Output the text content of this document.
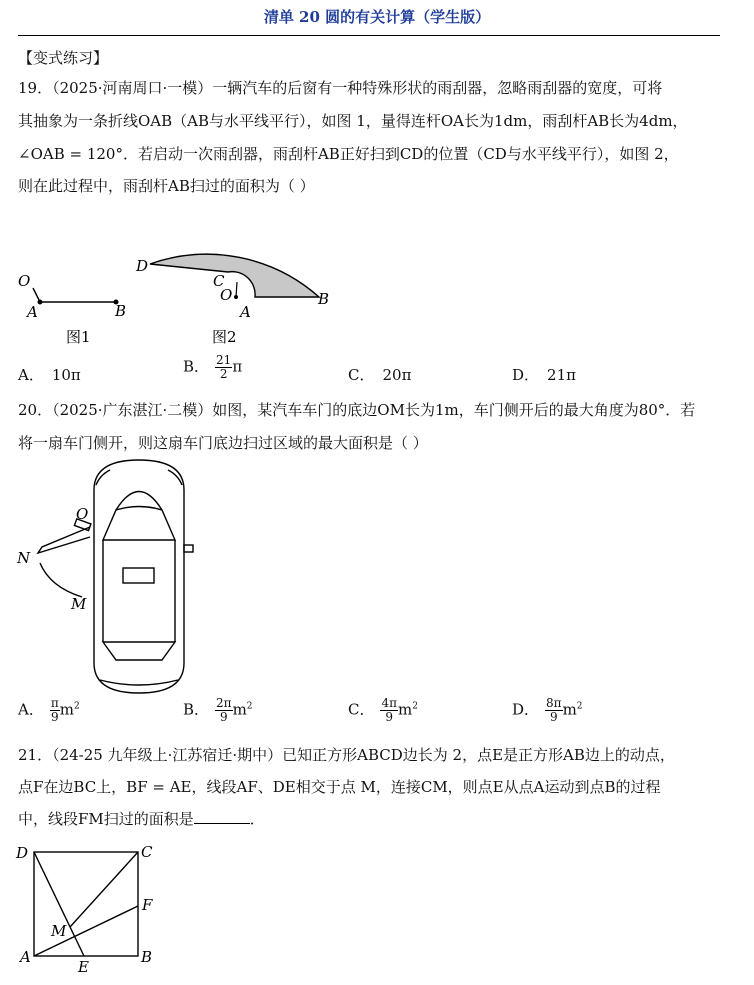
清单 20 圆的有关计算（学生版）
【变式练习】
19．（2025·河南周口·一模）一辆汽车的后窗有一种特殊形状的雨刮器，忽略雨刮器的宽度，可将
其抽象为一条折线OAB（AB与水平线平行），如图 1，量得连杆OA长为1dm，雨刮杆AB长为4dm，
∠OAB = 120°．若启动一次雨刮器，雨刮杆AB正好扫到CD的位置（CD与水平线平行），如图 2，
则在此过程中，雨刮杆AB扫过的面积为（ ）
O
A	B
图1
D
C
O
A
B
图2
A． 10π	B． $\frac{21}{2}$ π	C． 20π	D． 21π
20．（2025·广东湛江·二模）如图，某汽车车门的底边OM长为1m，车门侧开后的最大角度为80°．若
将一扇车门侧开，则这扇车门底边扫过区域的最大面积是（ ）
O
N
M
A． $\frac{\pi}{9} m^2$	B． $\frac{2\pi}{9} m^2$	C． $\frac{4\pi}{9} m^2$	D． $\frac{8\pi}{9} m^2$
21．（24-25 九年级上·江苏宿迁·期中）已知正方形ABCD边长为 2，点E是正方形AB边上的动点，
点F在边BC上，BF = AE，线段AF、DE相交于点 M，连接CM，则点E从点A运动到点B的过程
中，线段FM扫过的面积是	．
D	C
F
M
A	B
E
